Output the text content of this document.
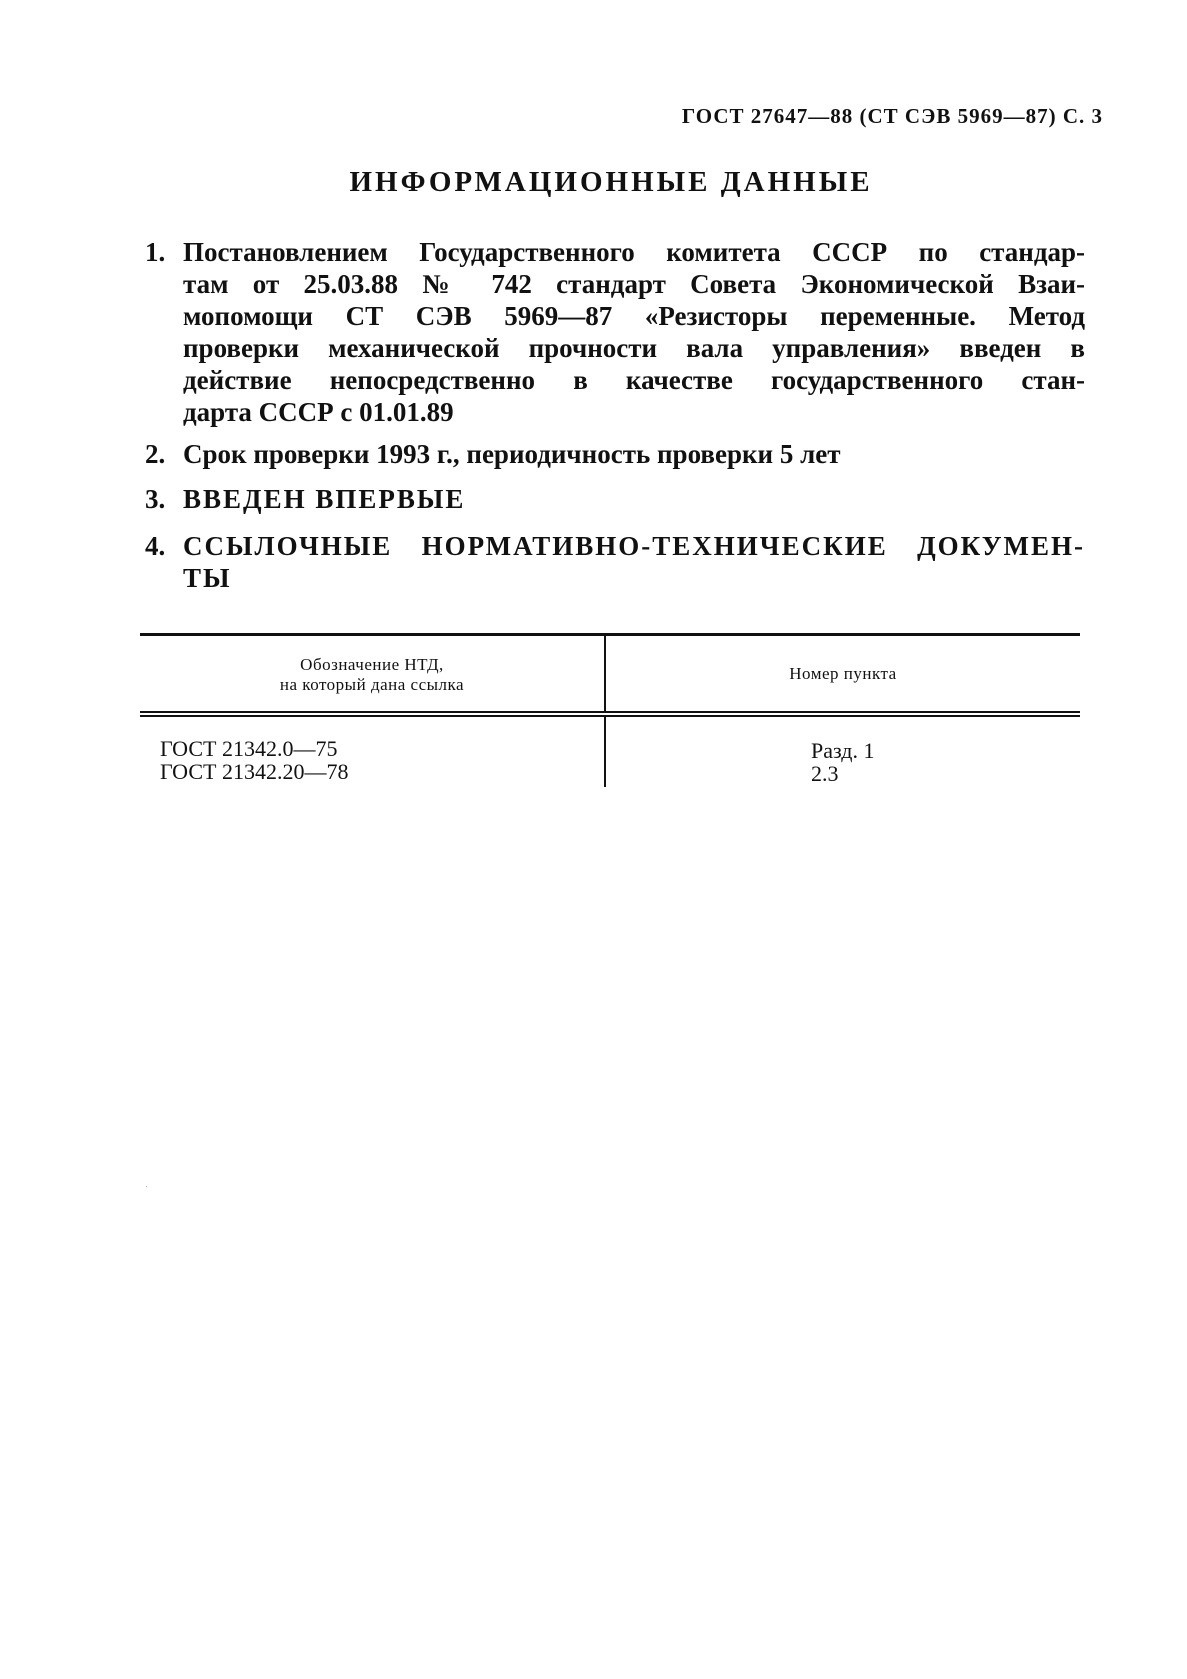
ГОСТ 27647—88 (СТ СЭВ 5969—87) С. 3
ИНФОРМАЦИОННЫЕ ДАННЫЕ
1. Постановлением Государственного комитета СССР по стандар-
там от 25.03.88 № 742 стандарт Совета Экономической Взаи-
мопомощи СТ СЭВ 5969—87 «Резисторы переменные. Метод
проверки механической прочности вала управления» введен в
действие непосредственно в качестве государственного стан-
дарта СССР с 01.01.89
2. Срок проверки 1993 г., периодичность проверки 5 лет
3. ВВЕДЕН ВПЕРВЫЕ
4. ССЫЛОЧНЫЕ НОРМАТИВНО-ТЕХНИЧЕСКИЕ ДОКУМЕН-
ТЫ
Обозначение НТД,
на который дана ссылка
Номер пункта
ГОСТ 21342.0—75
ГОСТ 21342.20—78
Разд. 1
2.3
